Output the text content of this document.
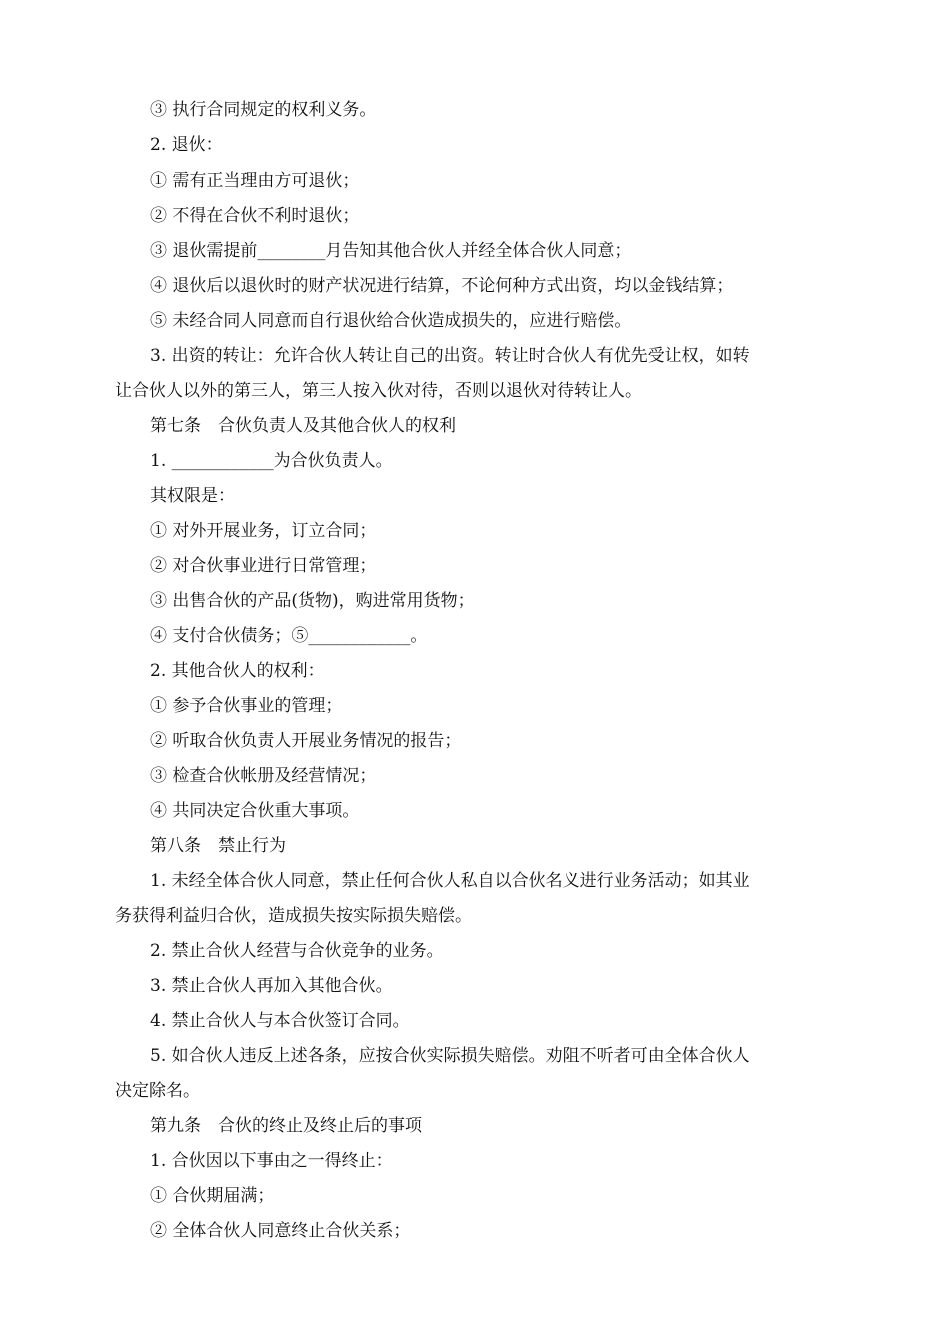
③ 执行合同规定的权利义务。
2. 退伙：
① 需有正当理由方可退伙；
② 不得在合伙不利时退伙；
③ 退伙需提前________月告知其他合伙人并经全体合伙人同意；
④ 退伙后以退伙时的财产状况进行结算，不论何种方式出资，均以金钱结算；
⑤ 未经合同人同意而自行退伙给合伙造成损失的，应进行赔偿。
3. 出资的转让：允许合伙人转让自己的出资。转让时合伙人有优先受让权，如转
让合伙人以外的第三人，第三人按入伙对待，否则以退伙对待转让人。
第七条　合伙负责人及其他合伙人的权利
1. ____________为合伙负责人。
其权限是：
① 对外开展业务，订立合同；
② 对合伙事业进行日常管理；
③ 出售合伙的产品(货物)，购进常用货物；
④ 支付合伙债务；⑤____________。
2. 其他合伙人的权利：
① 参予合伙事业的管理；
② 听取合伙负责人开展业务情况的报告；
③ 检查合伙帐册及经营情况；
④ 共同决定合伙重大事项。
第八条　禁止行为
1. 未经全体合伙人同意，禁止任何合伙人私自以合伙名义进行业务活动；如其业
务获得利益归合伙，造成损失按实际损失赔偿。
2. 禁止合伙人经营与合伙竞争的业务。
3. 禁止合伙人再加入其他合伙。
4. 禁止合伙人与本合伙签订合同。
5. 如合伙人违反上述各条，应按合伙实际损失赔偿。劝阻不听者可由全体合伙人
决定除名。
第九条　合伙的终止及终止后的事项
1. 合伙因以下事由之一得终止：
① 合伙期届满；
② 全体合伙人同意终止合伙关系；
